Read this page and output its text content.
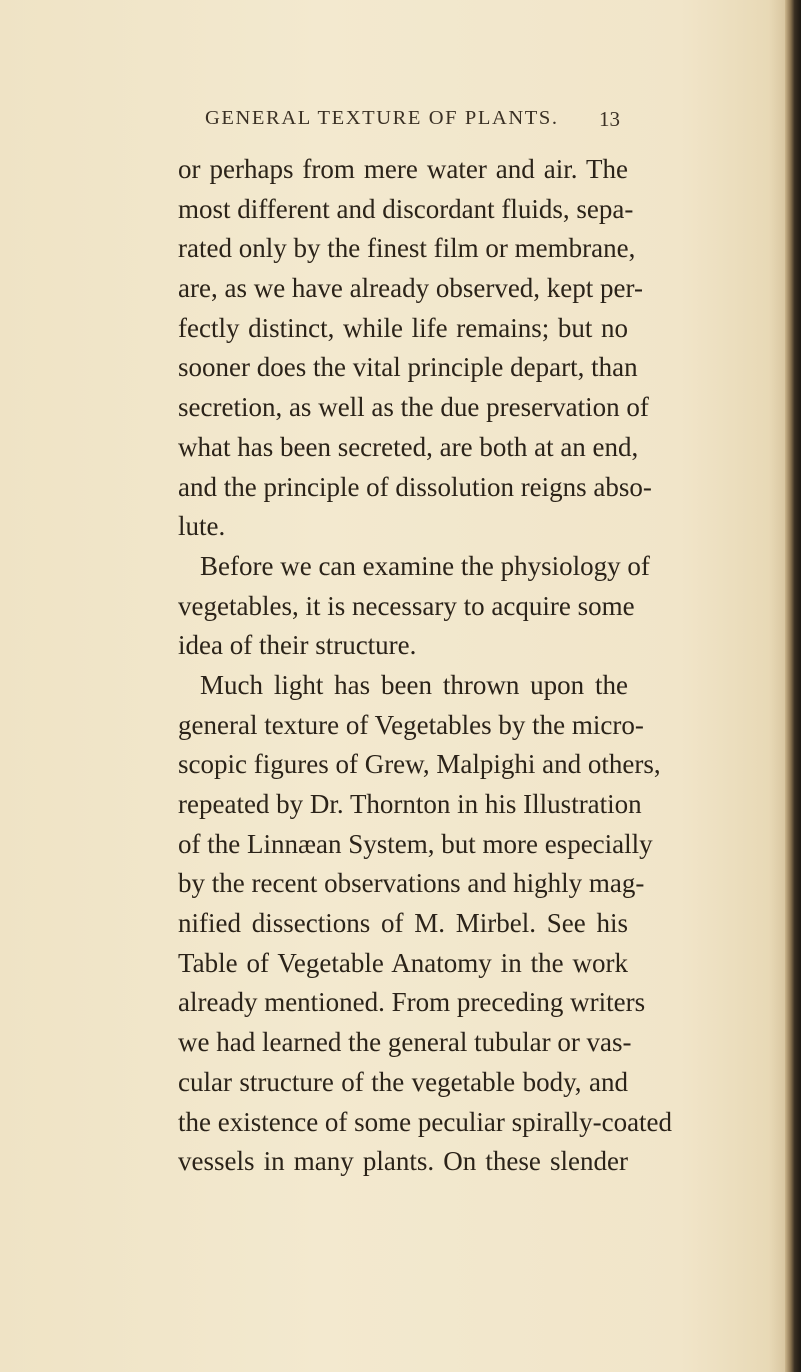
GENERAL TEXTURE OF PLANTS.	13
or perhaps from mere water and air. The
most different and discordant fluids, sepa-
rated only by the finest film or membrane,
are, as we have already observed, kept per-
fectly distinct, while life remains; but no
sooner does the vital principle depart, than
secretion, as well as the due preservation of
what has been secreted, are both at an end,
and the principle of dissolution reigns abso-
lute.
Before we can examine the physiology of
vegetables, it is necessary to acquire some
idea of their structure.
Much light has been thrown upon the
general texture of Vegetables by the micro-
scopic figures of Grew, Malpighi and others,
repeated by Dr. Thornton in his Illustration
of the Linnæan System, but more especially
by the recent observations and highly mag-
nified dissections of M. Mirbel. See his
Table of Vegetable Anatomy in the work
already mentioned. From preceding writers
we had learned the general tubular or vas-
cular structure of the vegetable body, and
the existence of some peculiar spirally-coated
vessels in many plants. On these slender
